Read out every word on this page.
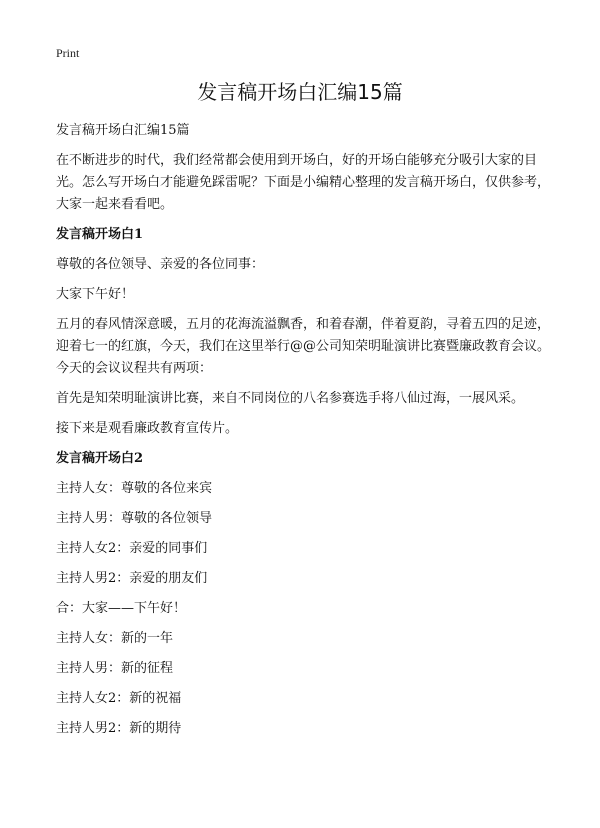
Print
发言稿开场白汇编15篇

发言稿开场白汇编15篇

在不断进步的时代，我们经常都会使用到开场白，好的开场白能够充分吸引大家的目光。怎么写开场白才能避免踩雷呢？下面是小编精心整理的发言稿开场白，仅供参考，大家一起来看看吧。

发言稿开场白1

尊敬的各位领导、亲爱的各位同事：

大家下午好！

五月的春风情深意暖，五月的花海流溢飘香，和着春潮，伴着夏韵，寻着五四的足迹，迎着七一的红旗，今天，我们在这里举行@@公司知荣明耻演讲比赛暨廉政教育会议。今天的会议议程共有两项：

首先是知荣明耻演讲比赛，来自不同岗位的八名参赛选手将八仙过海，一展风采。

接下来是观看廉政教育宣传片。

发言稿开场白2

主持人女：尊敬的各位来宾

主持人男：尊敬的各位领导

主持人女2：亲爱的同事们

主持人男2：亲爱的朋友们

合：大家——下午好！

主持人女：新的一年

主持人男：新的征程

主持人女2：新的祝福

主持人男2：新的期待
